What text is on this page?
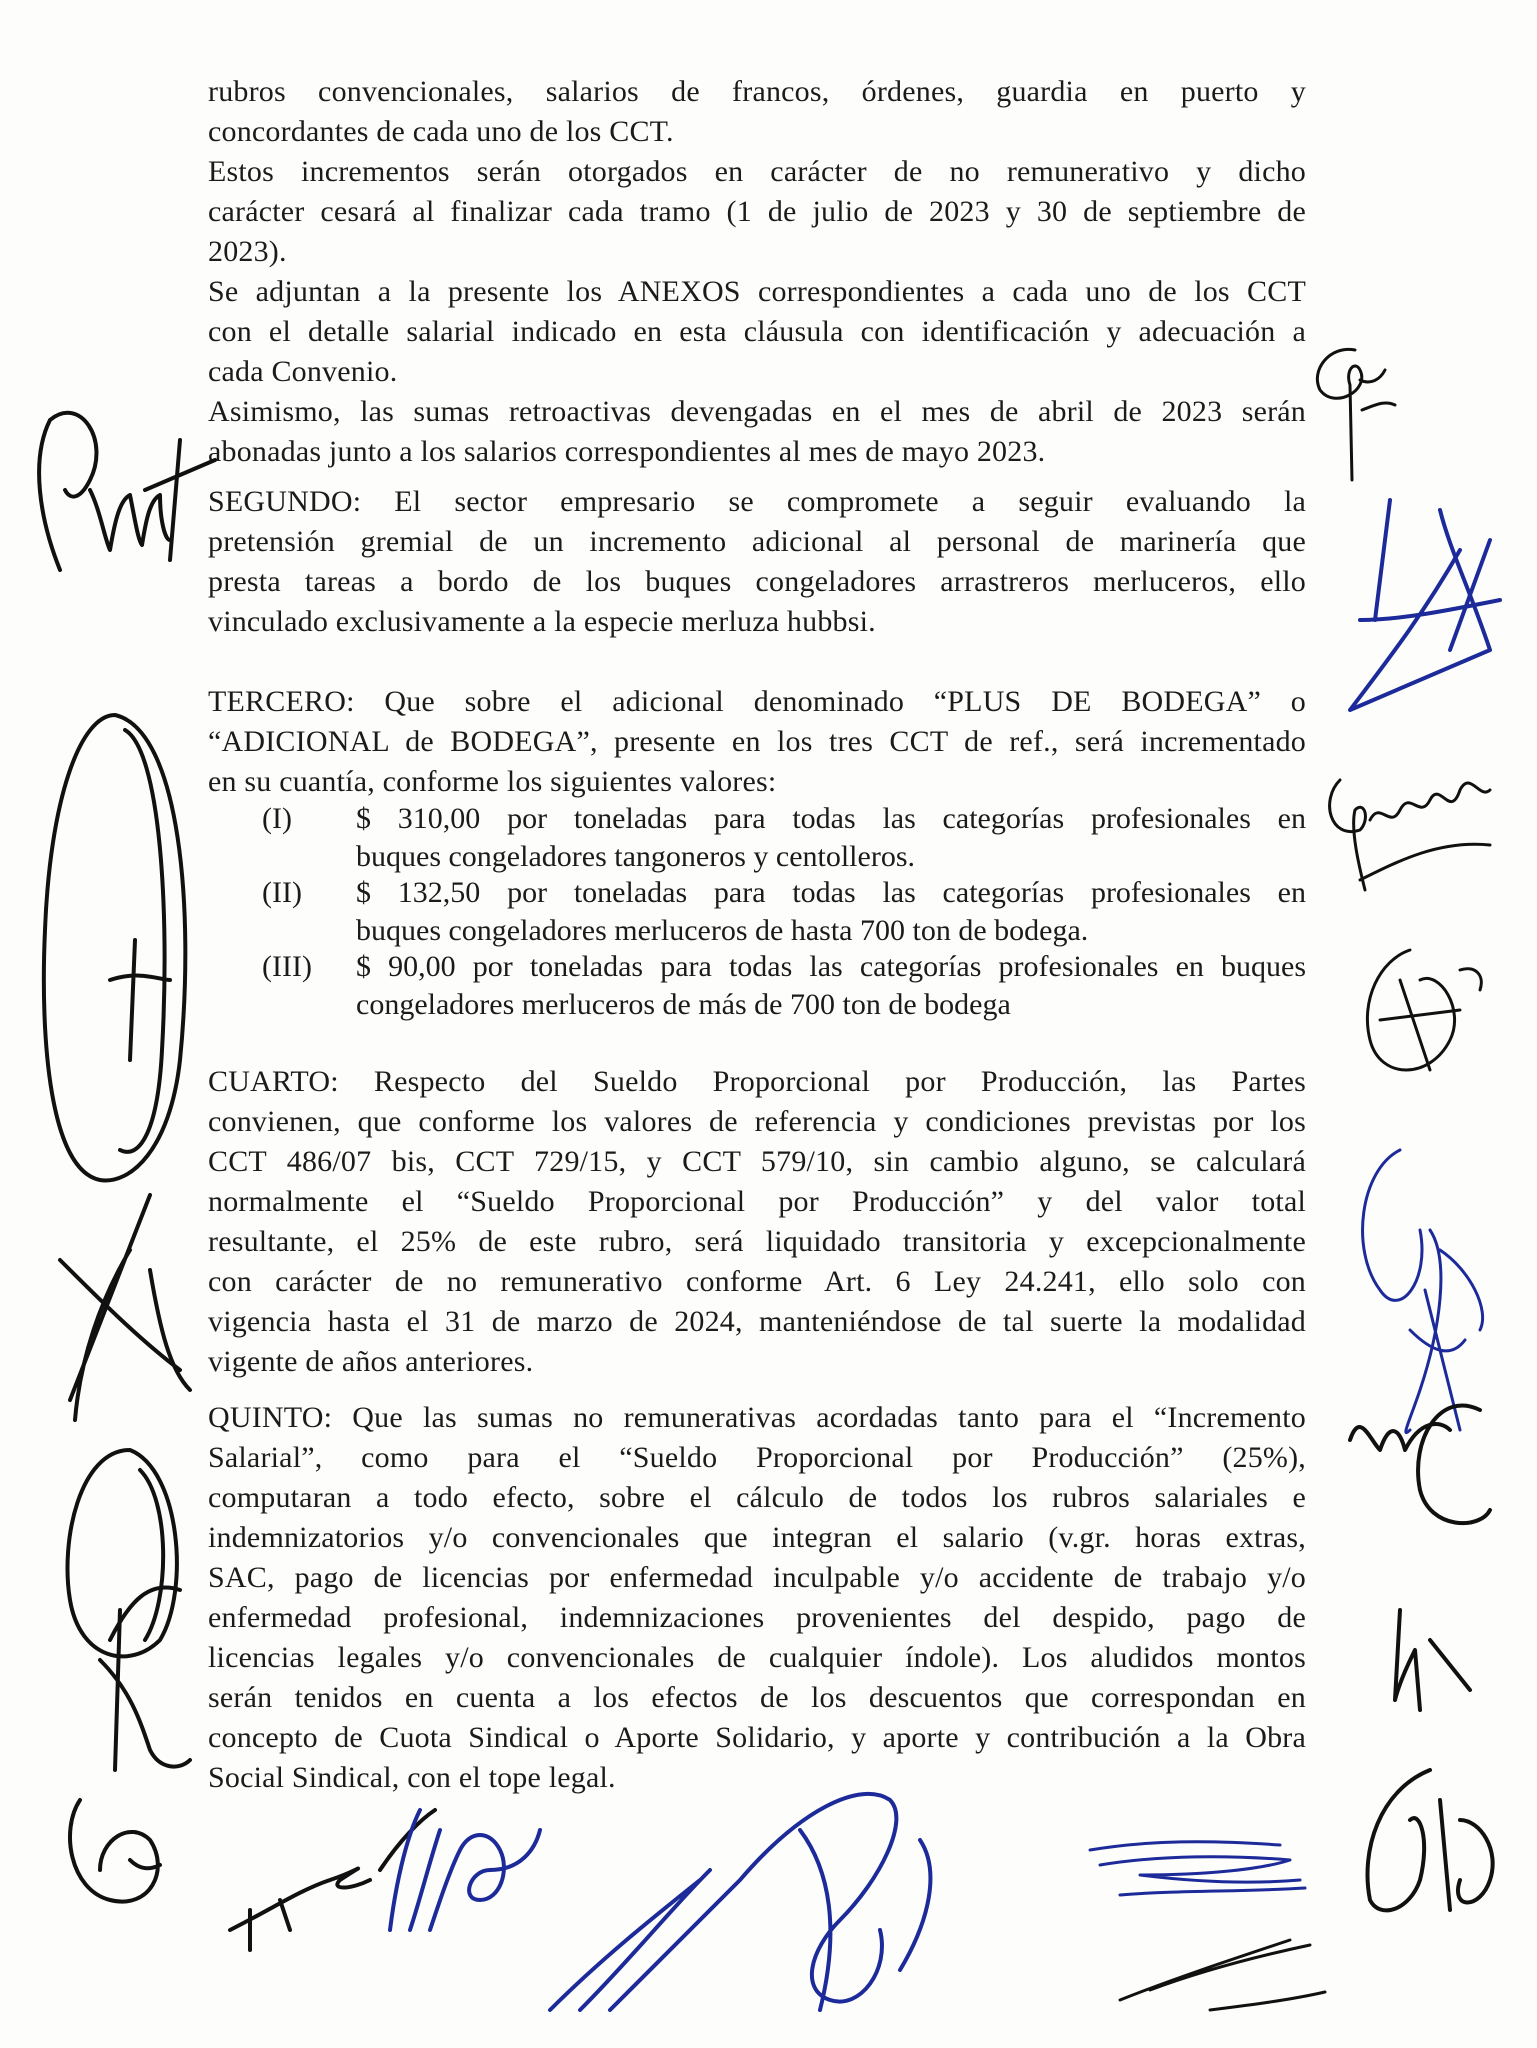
rubros convencionales, salarios de francos, órdenes, guardia en puerto y
concordantes de cada uno de los CCT.
Estos incrementos serán otorgados en carácter de no remunerativo y dicho
carácter cesará al finalizar cada tramo (1 de julio de 2023 y 30 de septiembre de
2023).
Se adjuntan a la presente los ANEXOS correspondientes a cada uno de los CCT
con el detalle salarial indicado en esta cláusula con identificación y adecuación a
cada Convenio.
Asimismo, las sumas retroactivas devengadas en el mes de abril de 2023 serán
abonadas junto a los salarios correspondientes al mes de mayo 2023.
SEGUNDO: El sector empresario se compromete a seguir evaluando la
pretensión gremial de un incremento adicional al personal de marinería que
presta tareas a bordo de los buques congeladores arrastreros merluceros, ello
vinculado exclusivamente a la especie merluza hubbsi.
TERCERO: Que sobre el adicional denominado “PLUS DE BODEGA” o
“ADICIONAL de BODEGA”, presente en los tres CCT de ref., será incrementado
en su cuantía, conforme los siguientes valores:
(I)	$ 310,00 por toneladas para todas las categorías profesionales en
buques congeladores tangoneros y centolleros.
(II)	$ 132,50 por toneladas para todas las categorías profesionales en
buques congeladores merluceros de hasta 700 ton de bodega.
(III)	$ 90,00 por toneladas para todas las categorías profesionales en buques
congeladores merluceros de más de 700 ton de bodega
CUARTO: Respecto del Sueldo Proporcional por Producción, las Partes
convienen, que conforme los valores de referencia y condiciones previstas por los
CCT 486/07 bis, CCT 729/15, y CCT 579/10, sin cambio alguno, se calculará
normalmente el “Sueldo Proporcional por Producción” y del valor total
resultante, el 25% de este rubro, será liquidado transitoria y excepcionalmente
con carácter de no remunerativo conforme Art. 6 Ley 24.241, ello solo con
vigencia hasta el 31 de marzo de 2024, manteniéndose de tal suerte la modalidad
vigente de años anteriores.
QUINTO: Que las sumas no remunerativas acordadas tanto para el “Incremento
Salarial”, como para el “Sueldo Proporcional por Producción” (25%),
computaran a todo efecto, sobre el cálculo de todos los rubros salariales e
indemnizatorios y/o convencionales que integran el salario (v.gr. horas extras,
SAC, pago de licencias por enfermedad inculpable y/o accidente de trabajo y/o
enfermedad profesional, indemnizaciones provenientes del despido, pago de
licencias legales y/o convencionales de cualquier índole). Los aludidos montos
serán tenidos en cuenta a los efectos de los descuentos que correspondan en
concepto de Cuota Sindical o Aporte Solidario, y aporte y contribución a la Obra
Social Sindical, con el tope legal.
